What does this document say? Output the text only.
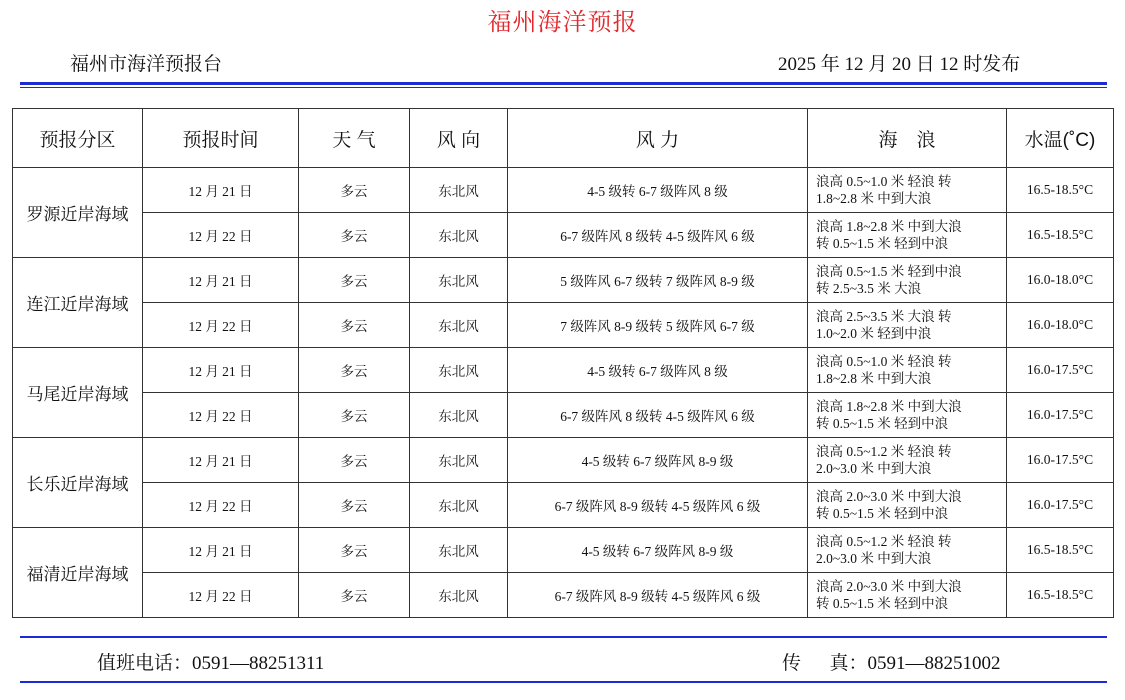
福州海洋预报
福州市海洋预报台	2025 年 12 月 20 日 12 时发布
预报分区	预报时间	天 气	风 向	风 力	海　浪	水温(˚C)
罗源近岸海域	12 月 21 日	多云	东北风	4-5 级转 6-7 级阵风 8 级	浪高 0.5~1.0 米 轻浪 转
1.8~2.8 米 中到大浪	16.5-18.5°C
	12 月 22 日	多云	东北风	6-7 级阵风 8 级转 4-5 级阵风 6 级	浪高 1.8~2.8 米 中到大浪
转 0.5~1.5 米 轻到中浪	16.5-18.5°C
连江近岸海域	12 月 21 日	多云	东北风	5 级阵风 6-7 级转 7 级阵风 8-9 级	浪高 0.5~1.5 米 轻到中浪
转 2.5~3.5 米 大浪	16.0-18.0°C
	12 月 22 日	多云	东北风	7 级阵风 8-9 级转 5 级阵风 6-7 级	浪高 2.5~3.5 米 大浪 转
1.0~2.0 米 轻到中浪	16.0-18.0°C
马尾近岸海域	12 月 21 日	多云	东北风	4-5 级转 6-7 级阵风 8 级	浪高 0.5~1.0 米 轻浪 转
1.8~2.8 米 中到大浪	16.0-17.5°C
	12 月 22 日	多云	东北风	6-7 级阵风 8 级转 4-5 级阵风 6 级	浪高 1.8~2.8 米 中到大浪
转 0.5~1.5 米 轻到中浪	16.0-17.5°C
长乐近岸海域	12 月 21 日	多云	东北风	4-5 级转 6-7 级阵风 8-9 级	浪高 0.5~1.2 米 轻浪 转
2.0~3.0 米 中到大浪	16.0-17.5°C
	12 月 22 日	多云	东北风	6-7 级阵风 8-9 级转 4-5 级阵风 6 级	浪高 2.0~3.0 米 中到大浪
转 0.5~1.5 米 轻到中浪	16.0-17.5°C
福清近岸海域	12 月 21 日	多云	东北风	4-5 级转 6-7 级阵风 8-9 级	浪高 0.5~1.2 米 轻浪 转
2.0~3.0 米 中到大浪	16.5-18.5°C
	12 月 22 日	多云	东北风	6-7 级阵风 8-9 级转 4-5 级阵风 6 级	浪高 2.0~3.0 米 中到大浪
转 0.5~1.5 米 轻到中浪	16.5-18.5°C
值班电话：0591—88251311	传      真：0591—88251002
